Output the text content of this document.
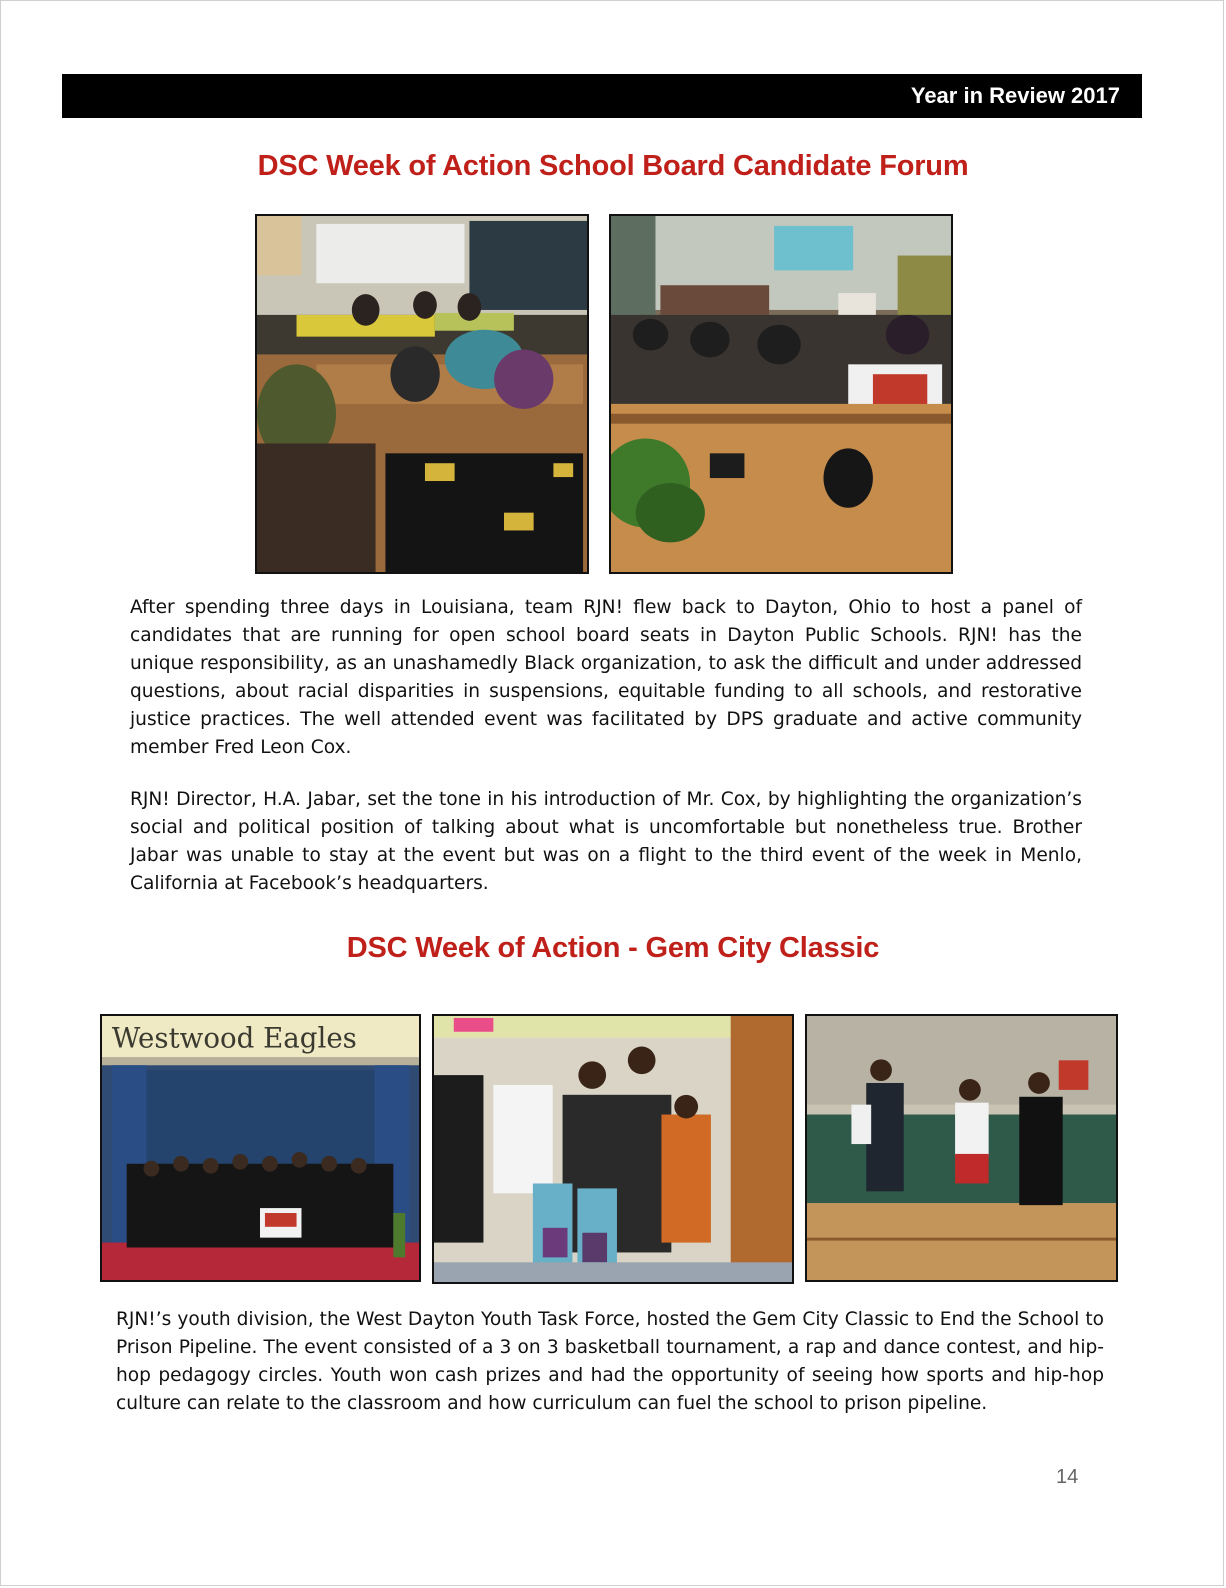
Year in Review 2017
DSC Week of Action School Board Candidate Forum
After spending three days in Louisiana, team RJN! flew back to Dayton, Ohio to host a panel of candidates that are running for open school board seats in Dayton Public Schools. RJN! has the unique responsibility, as an unashamedly Black organization, to ask the difficult and under addressed questions, about racial disparities in suspensions, equitable funding to all schools, and restorative justice practices. The well attended event was facilitated by DPS graduate and active community member Fred Leon Cox.
RJN! Director, H.A. Jabar, set the tone in his introduction of Mr. Cox, by highlighting the organization’s social and political position of talking about what is uncomfortable but nonetheless true. Brother Jabar was unable to stay at the event but was on a flight to the third event of the week in Menlo, California at Facebook’s headquarters.
DSC Week of Action - Gem City Classic
Westwood Eagles
RJN!’s youth division, the West Dayton Youth Task Force, hosted the Gem City Classic to End the School to Prison Pipeline. The event consisted of a 3 on 3 basketball tournament, a rap and dance contest, and hip-hop pedagogy circles. Youth won cash prizes and had the opportunity of seeing how sports and hip-hop culture can relate to the classroom and how curriculum can fuel the school to prison pipeline.
14
